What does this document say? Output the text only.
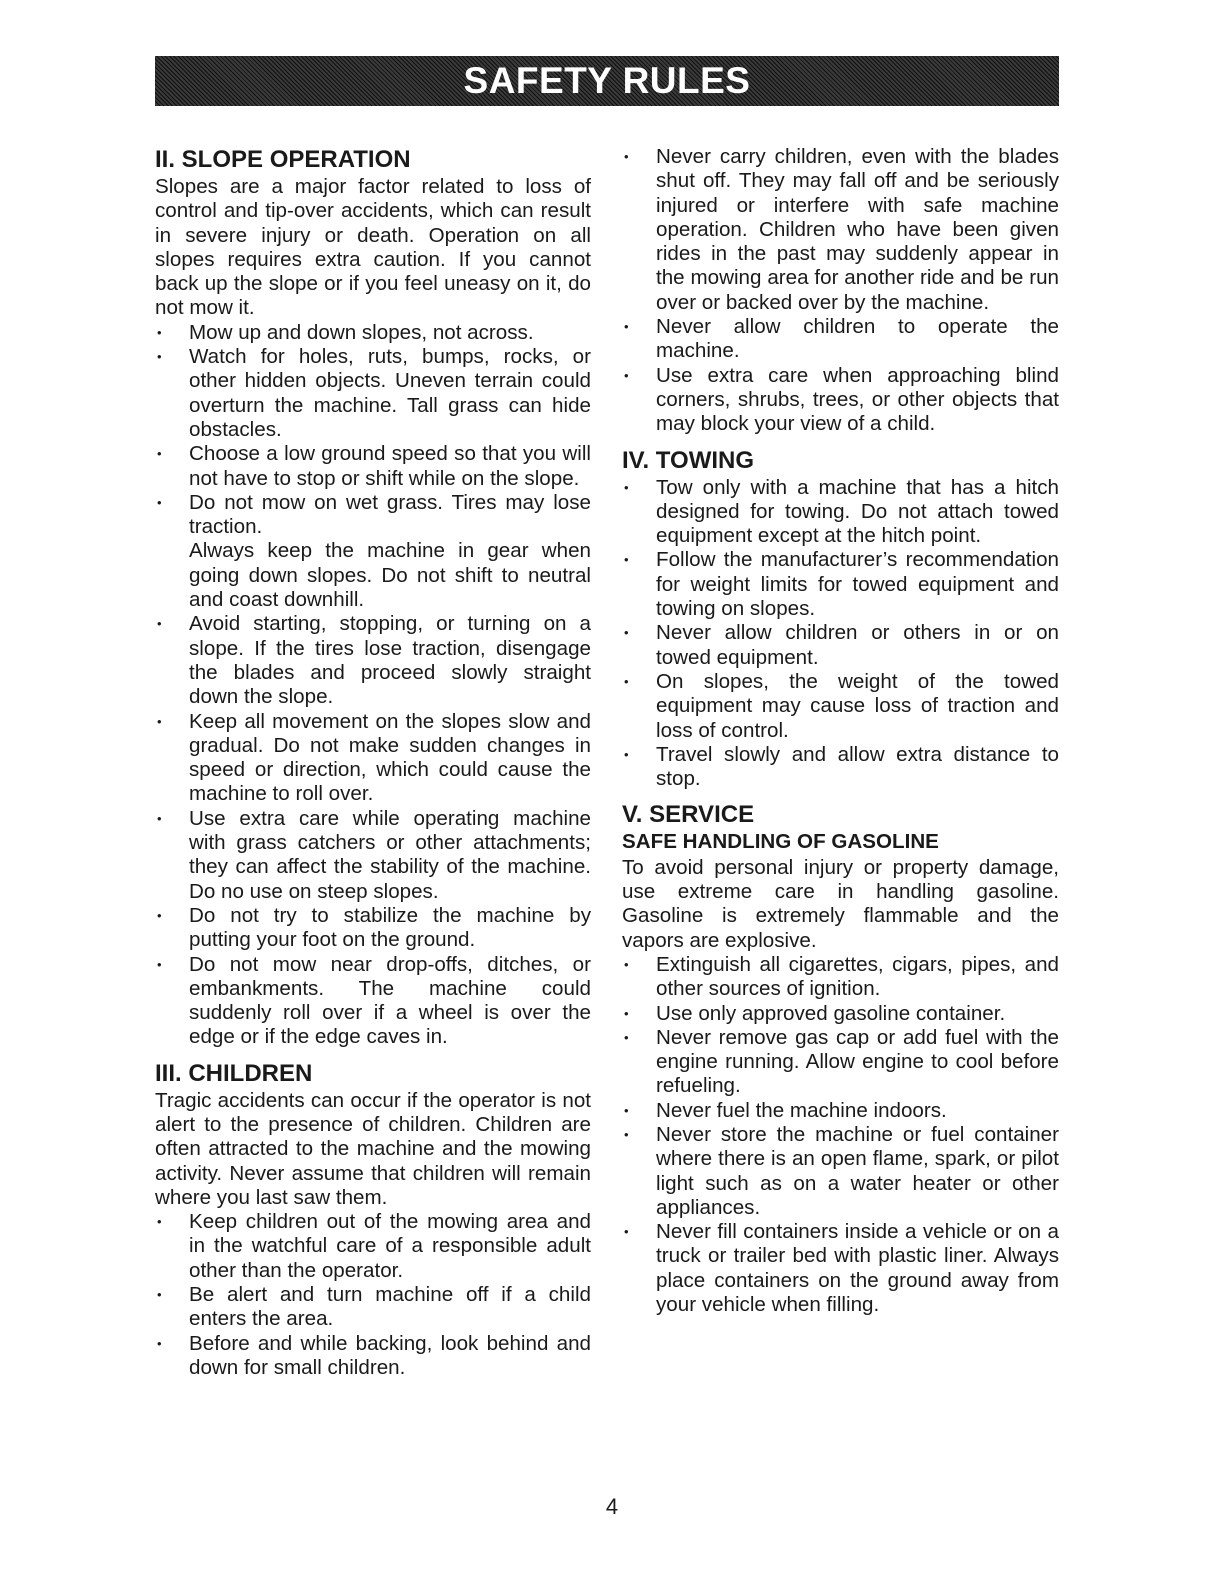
SAFETY RULES
II. SLOPE OPERATION

Slopes are a major factor related to loss of control and tip-over accidents, which can result in severe injury or death. Operation on all slopes requires extra caution. If you cannot back up the slope or if you feel uneasy on it, do not mow it.

• Mow up and down slopes, not across.
• Watch for holes, ruts, bumps, rocks, or other hidden objects. Uneven terrain could overturn the machine. Tall grass can hide obstacles.
• Choose a low ground speed so that you will not have to stop or shift while on the slope.
• Do not mow on wet grass. Tires may lose traction.

Always keep the machine in gear when going down slopes. Do not shift to neutral and coast downhill.

• Avoid starting, stopping, or turning on a slope. If the tires lose traction, disengage the blades and proceed slowly straight down the slope.
• Keep all movement on the slopes slow and gradual. Do not make sudden changes in speed or direction, which could cause the machine to roll over.
• Use extra care while operating machine with grass catchers or other attachments; they can affect the stability of the machine. Do no use on steep slopes.
• Do not try to stabilize the machine by putting your foot on the ground.
• Do not mow near drop-offs, ditches, or embankments. The machine could suddenly roll over if a wheel is over the edge or if the edge caves in.
III. CHILDREN

Tragic accidents can occur if the operator is not alert to the presence of children. Children are often attracted to the machine and the mowing activity. Never assume that children will remain where you last saw them.

• Keep children out of the mowing area and in the watchful care of a responsible adult other than the operator.
• Be alert and turn machine off if a child enters the area.
• Before and while backing, look behind and down for small children.
• Never carry children, even with the blades shut off. They may fall off and be seriously injured or interfere with safe machine operation. Children who have been given rides in the past may suddenly appear in the mowing area for another ride and be run over or backed over by the machine.
• Never allow children to operate the machine.
• Use extra care when approaching blind corners, shrubs, trees, or other objects that may block your view of a child.
IV. TOWING
• Tow only with a machine that has a hitch designed for towing. Do not attach towed equipment except at the hitch point.
• Follow the manufacturer’s recommendation for weight limits for towed equipment and towing on slopes.
• Never allow children or others in or on towed equipment.
• On slopes, the weight of the towed equipment may cause loss of traction and loss of control.
• Travel slowly and allow extra distance to stop.
V. SERVICE
SAFE HANDLING OF GASOLINE

To avoid personal injury or property damage, use extreme care in handling gasoline. Gasoline is extremely flammable and the vapors are explosive.

• Extinguish all cigarettes, cigars, pipes, and other sources of ignition.
• Use only approved gasoline container.
• Never remove gas cap or add fuel with the engine running. Allow engine to cool before refueling.
• Never fuel the machine indoors.
• Never store the machine or fuel container where there is an open flame, spark, or pilot light such as on a water heater or other appliances.
• Never fill containers inside a vehicle or on a truck or trailer bed with plastic liner. Always place containers on the ground away from your vehicle when filling.
4
